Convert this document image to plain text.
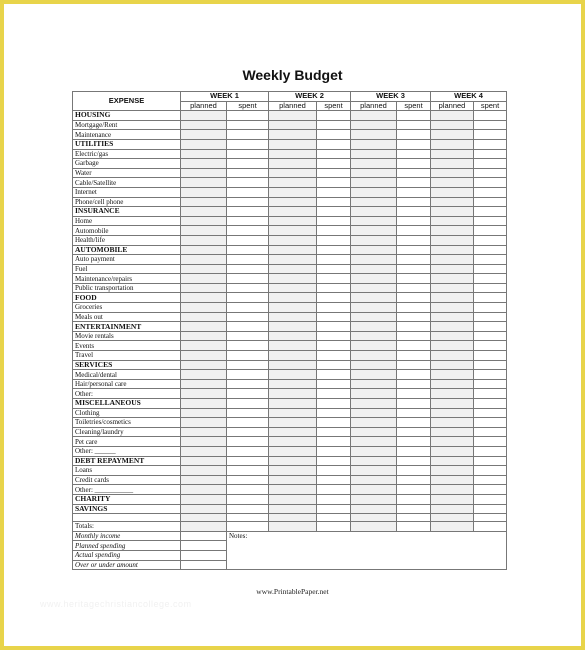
Weekly Budget
EXPENSE	WEEK 1		WEEK 2		WEEK 3		WEEK 4	
	planned	spent	planned	spent	planned	spent	planned	spent
HOUSING								
Mortgage/Rent								
Maintenance								
UTILITIES								
Electric/gas								
Garbage								
Water								
Cable/Satellite								
Internet								
Phone/cell phone								
INSURANCE								
Home								
Automobile								
Health/life								
AUTOMOBILE								
Auto payment								
Fuel								
Maintenance/repairs								
Public transportation								
FOOD								
Groceries								
Meals out								
ENTERTAINMENT								
Movie rentals								
Events								
Travel								
SERVICES								
Medical/dental								
Hair/personal care								
Other:								
MISCELLANEOUS								
Clothing								
Toiletries/cosmetics								
Cleaning/laundry								
Pet care								
Other: ______								
DEBT REPAYMENT								
Loans								
Credit cards								
Other: ___________								
CHARITY								
SAVINGS								

Totals:								
Monthly income		Notes:						
Planned spending								
Actual spending								
Over or under amount								
www.PrintablePaper.net
www.heritagechristiancollege.com
